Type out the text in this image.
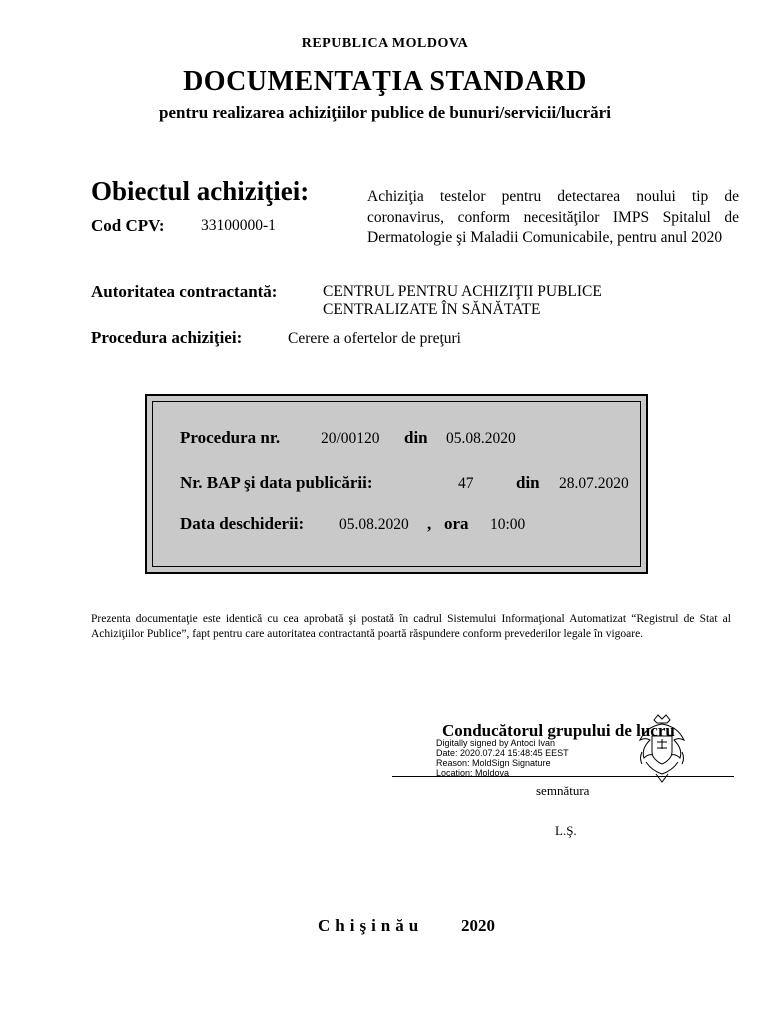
REPUBLICA MOLDOVA
DOCUMENTAŢIA STANDARD
pentru realizarea achiziţiilor publice de bunuri/servicii/lucrări
Obiectul achiziţiei:	Achiziţia testelor pentru detectarea noului tip de coronavirus, conform necesităţilor IMPS Spitalul de Dermatologie şi Maladii Comunicabile, pentru anul 2020
Cod CPV: 33100000-1
Autoritatea contractantă:	CENTRUL PENTRU ACHIZIŢII PUBLICE
CENTRALIZATE ÎN SĂNĂTATE
Procedura achiziţiei:	Cerere a ofertelor de preţuri
Procedura nr.	20/00120 din 05.08.2020
Nr. BAP şi data publicării:	47	din 28.07.2020
Data deschiderii: 05.08.2020 , ora 10:00
Prezenta documentaţie este identică cu cea aprobată şi postată în cadrul Sistemului Informaţional Automatizat “Registrul de Stat al Achiziţiilor Publice”, fapt pentru care autoritatea contractantă poartă răspundere conform prevederilor legale în vigoare.
Conducătorul grupului de lucru
Digitally signed by Antoci Ivan
Date: 2020.07.24 15:48:45 EEST
Reason: MoldSign Signature
Location: Moldova
semnătura
L.Ş.
Chişinău 2020
